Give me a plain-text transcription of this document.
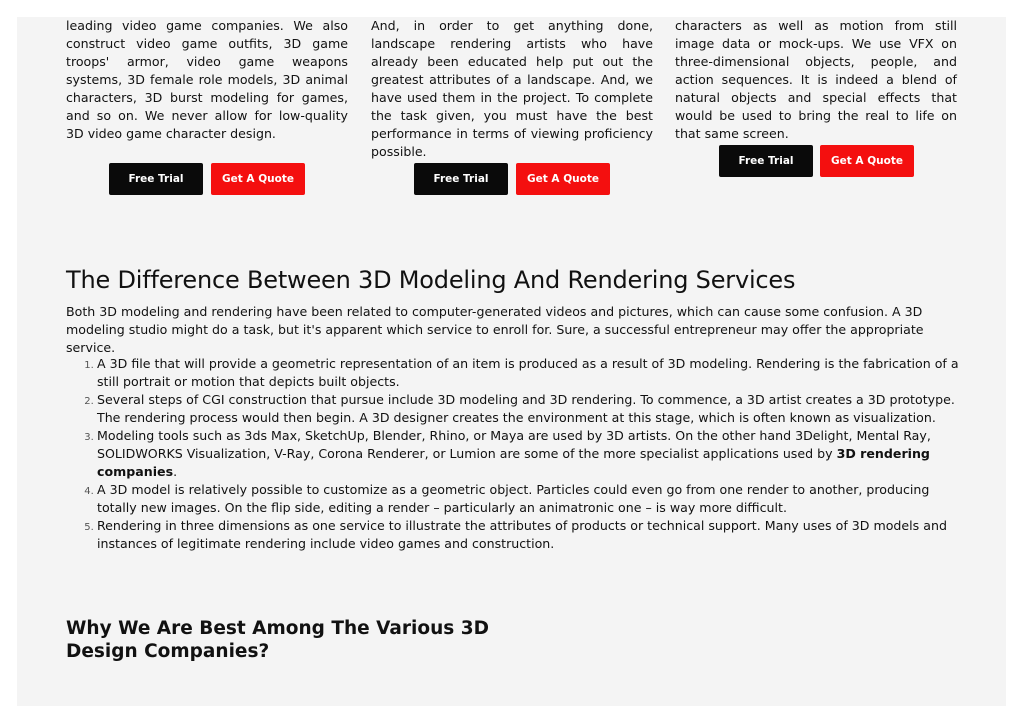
leading video game companies. We also construct video game outfits, 3D game troops' armor, video game weapons systems, 3D female role models, 3D animal characters, 3D burst modeling for games, and so on. We never allow for low-quality 3D video game character design.

And, in order to get anything done, landscape rendering artists who have already been educated help put out the greatest attributes of a landscape. And, we have used them in the project. To complete the task given, you must have the best performance in terms of viewing proficiency possible.

characters as well as motion from still image data or mock-ups. We use VFX on three-dimensional objects, people, and action sequences. It is indeed a blend of natural objects and special effects that would be used to bring the real to life on that same screen.

Free Trial	Get A Quote	Free Trial	Get A Quote
Free Trial	Get A Quote
The Difference Between 3D Modeling And Rendering Services

Both 3D modeling and rendering have been related to computer-generated videos and pictures, which can cause some confusion. A 3D modeling studio might do a task, but it's apparent which service to enroll for. Sure, a successful entrepreneur may offer the appropriate service.

1. A 3D file that will provide a geometric representation of an item is produced as a result of 3D modeling. Rendering is the fabrication of a still portrait or motion that depicts built objects.
2. Several steps of CGI construction that pursue include 3D modeling and 3D rendering. To commence, a 3D artist creates a 3D prototype. The rendering process would then begin. A 3D designer creates the environment at this stage, which is often known as visualization.
3. Modeling tools such as 3ds Max, SketchUp, Blender, Rhino, or Maya are used by 3D artists. On the other hand 3Delight, Mental Ray, SOLIDWORKS Visualization, V-Ray, Corona Renderer, or Lumion are some of the more specialist applications used by 3D rendering companies.
4. A 3D model is relatively possible to customize as a geometric object. Particles could even go from one render to another, producing totally new images. On the flip side, editing a render – particularly an animatronic one – is way more difficult.
5. Rendering in three dimensions as one service to illustrate the attributes of products or technical support. Many uses of 3D models and instances of legitimate rendering include video games and construction.
Why We Are Best Among The Various 3D Design Companies?
